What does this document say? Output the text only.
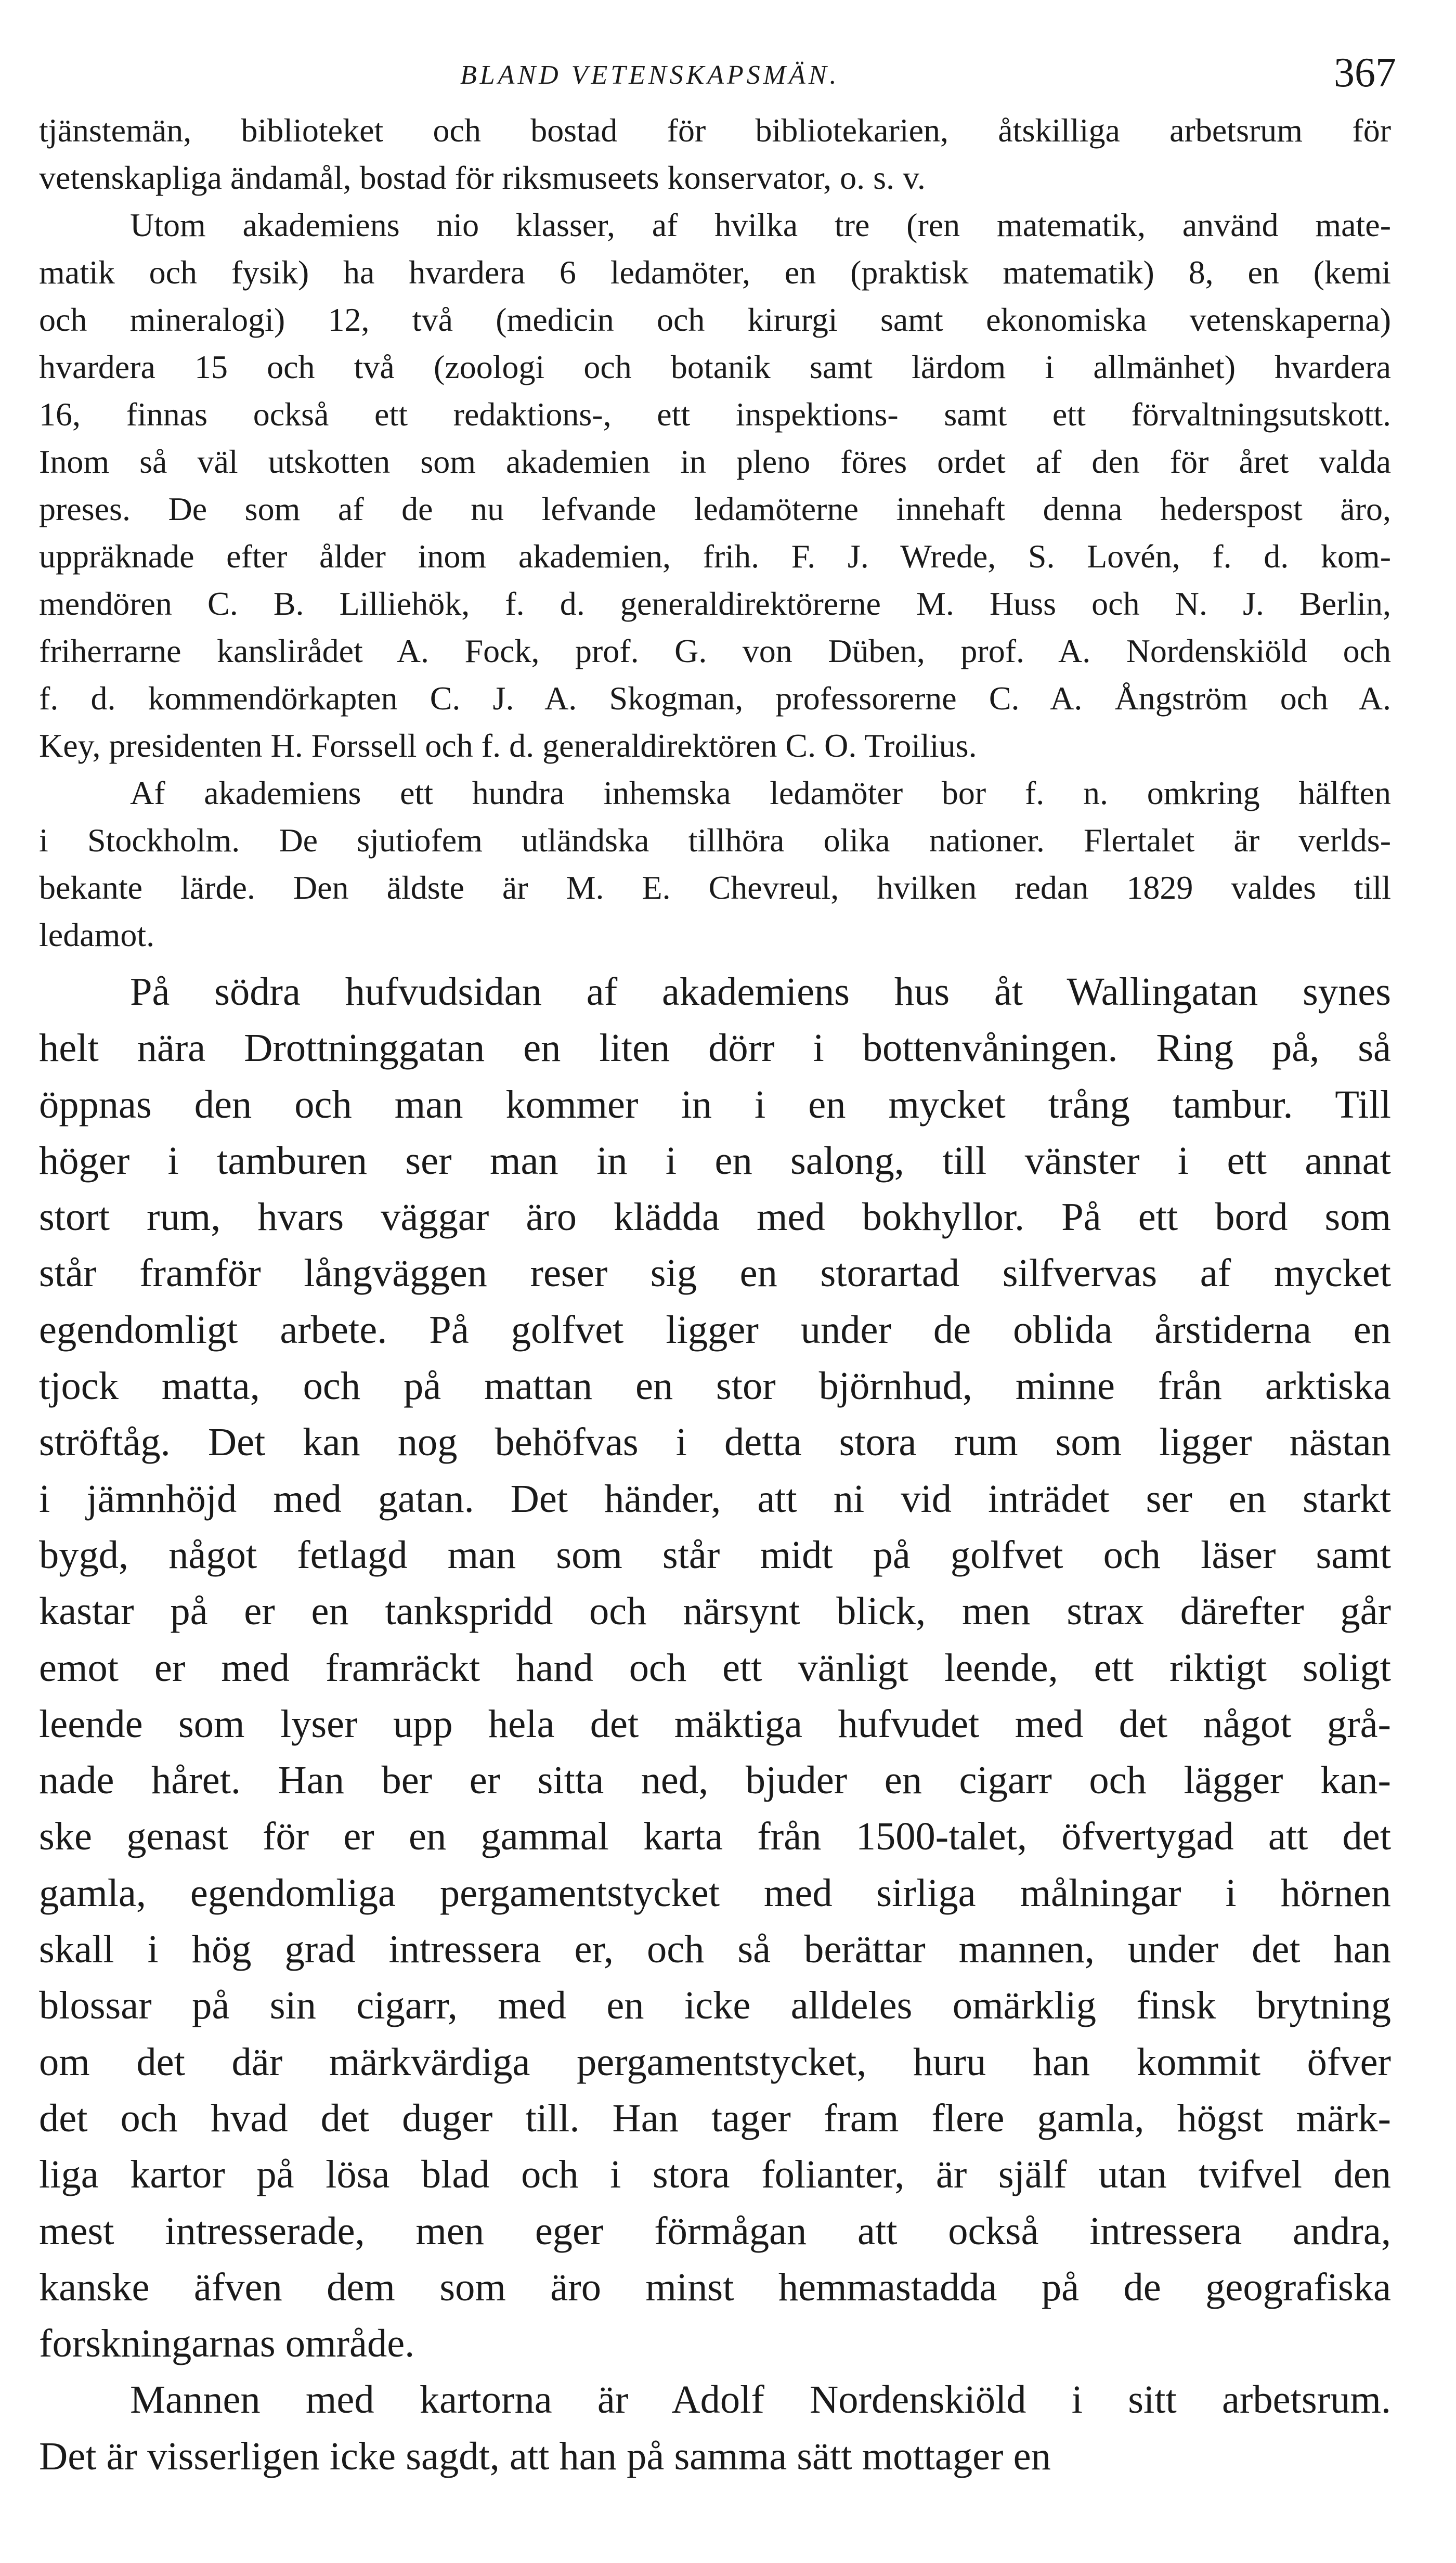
BLAND VETENSKAPSMÄN.	367

tjänstemän, biblioteket och bostad för bibliotekarien, åtskilliga arbetsrum för
vetenskapliga ändamål, bostad för riksmuseets konservator, o. s. v.

Utom akademiens nio klasser, af hvilka tre (ren matematik, använd mate-
matik och fysik) ha hvardera 6 ledamöter, en (praktisk matematik) 8, en (kemi
och mineralogi) 12, två (medicin och kirurgi samt ekonomiska vetenskaperna)
hvardera 15 och två (zoologi och botanik samt lärdom i allmänhet) hvardera
16, finnas också ett redaktions-, ett inspektions- samt ett förvaltningsutskott.
Inom så väl utskotten som akademien in pleno föres ordet af den för året valda
preses. De som af de nu lefvande ledamöterne innehaft denna hederspost äro,
uppräknade efter ålder inom akademien, frih. F. J. Wrede, S. Lovén, f. d. kom-
mendören C. B. Lilliehök, f. d. generaldirektörerne M. Huss och N. J. Berlin,
friherrarne kanslirådet A. Fock, prof. G. von Düben, prof. A. Nordenskiöld och
f. d. kommendörkapten C. J. A. Skogman, professorerne C. A. Ångström och A.
Key, presidenten H. Forssell och f. d. generaldirektören C. O. Troilius.

Af akademiens ett hundra inhemska ledamöter bor f. n. omkring hälften
i Stockholm. De sjutiofem utländska tillhöra olika nationer. Flertalet är verlds-
bekante lärde. Den äldste är M. E. Chevreul, hvilken redan 1829 valdes till
ledamot.

På södra hufvudsidan af akademiens hus åt Wallingatan synes
helt nära Drottninggatan en liten dörr i bottenvåningen. Ring på, så
öppnas den och man kommer in i en mycket trång tambur. Till
höger i tamburen ser man in i en salong, till vänster i ett annat
stort rum, hvars väggar äro klädda med bokhyllor. På ett bord som
står framför långväggen reser sig en storartad silfvervas af mycket
egendomligt arbete. På golfvet ligger under de oblida årstiderna en
tjock matta, och på mattan en stor björnhud, minne från arktiska
ströftåg. Det kan nog behöfvas i detta stora rum som ligger nästan
i jämnhöjd med gatan. Det händer, att ni vid inträdet ser en starkt
bygd, något fetlagd man som står midt på golfvet och läser samt
kastar på er en tankspridd och närsynt blick, men strax därefter går
emot er med framräckt hand och ett vänligt leende, ett riktigt soligt
leende som lyser upp hela det mäktiga hufvudet med det något grå-
nade håret. Han ber er sitta ned, bjuder en cigarr och lägger kan-
ske genast för er en gammal karta från 1500-talet, öfvertygad att det
gamla, egendomliga pergamentstycket med sirliga målningar i hörnen
skall i hög grad intressera er, och så berättar mannen, under det han
blossar på sin cigarr, med en icke alldeles omärklig finsk brytning
om det där märkvärdiga pergamentstycket, huru han kommit öfver
det och hvad det duger till. Han tager fram flere gamla, högst märk-
liga kartor på lösa blad och i stora folianter, är själf utan tvifvel den
mest intresserade, men eger förmågan att också intressera andra,
kanske äfven dem som äro minst hemmastadda på de geografiska
forskningarnas område.

Mannen med kartorna är Adolf Nordenskiöld i sitt arbetsrum.
Det är visserligen icke sagdt, att han på samma sätt mottager en
